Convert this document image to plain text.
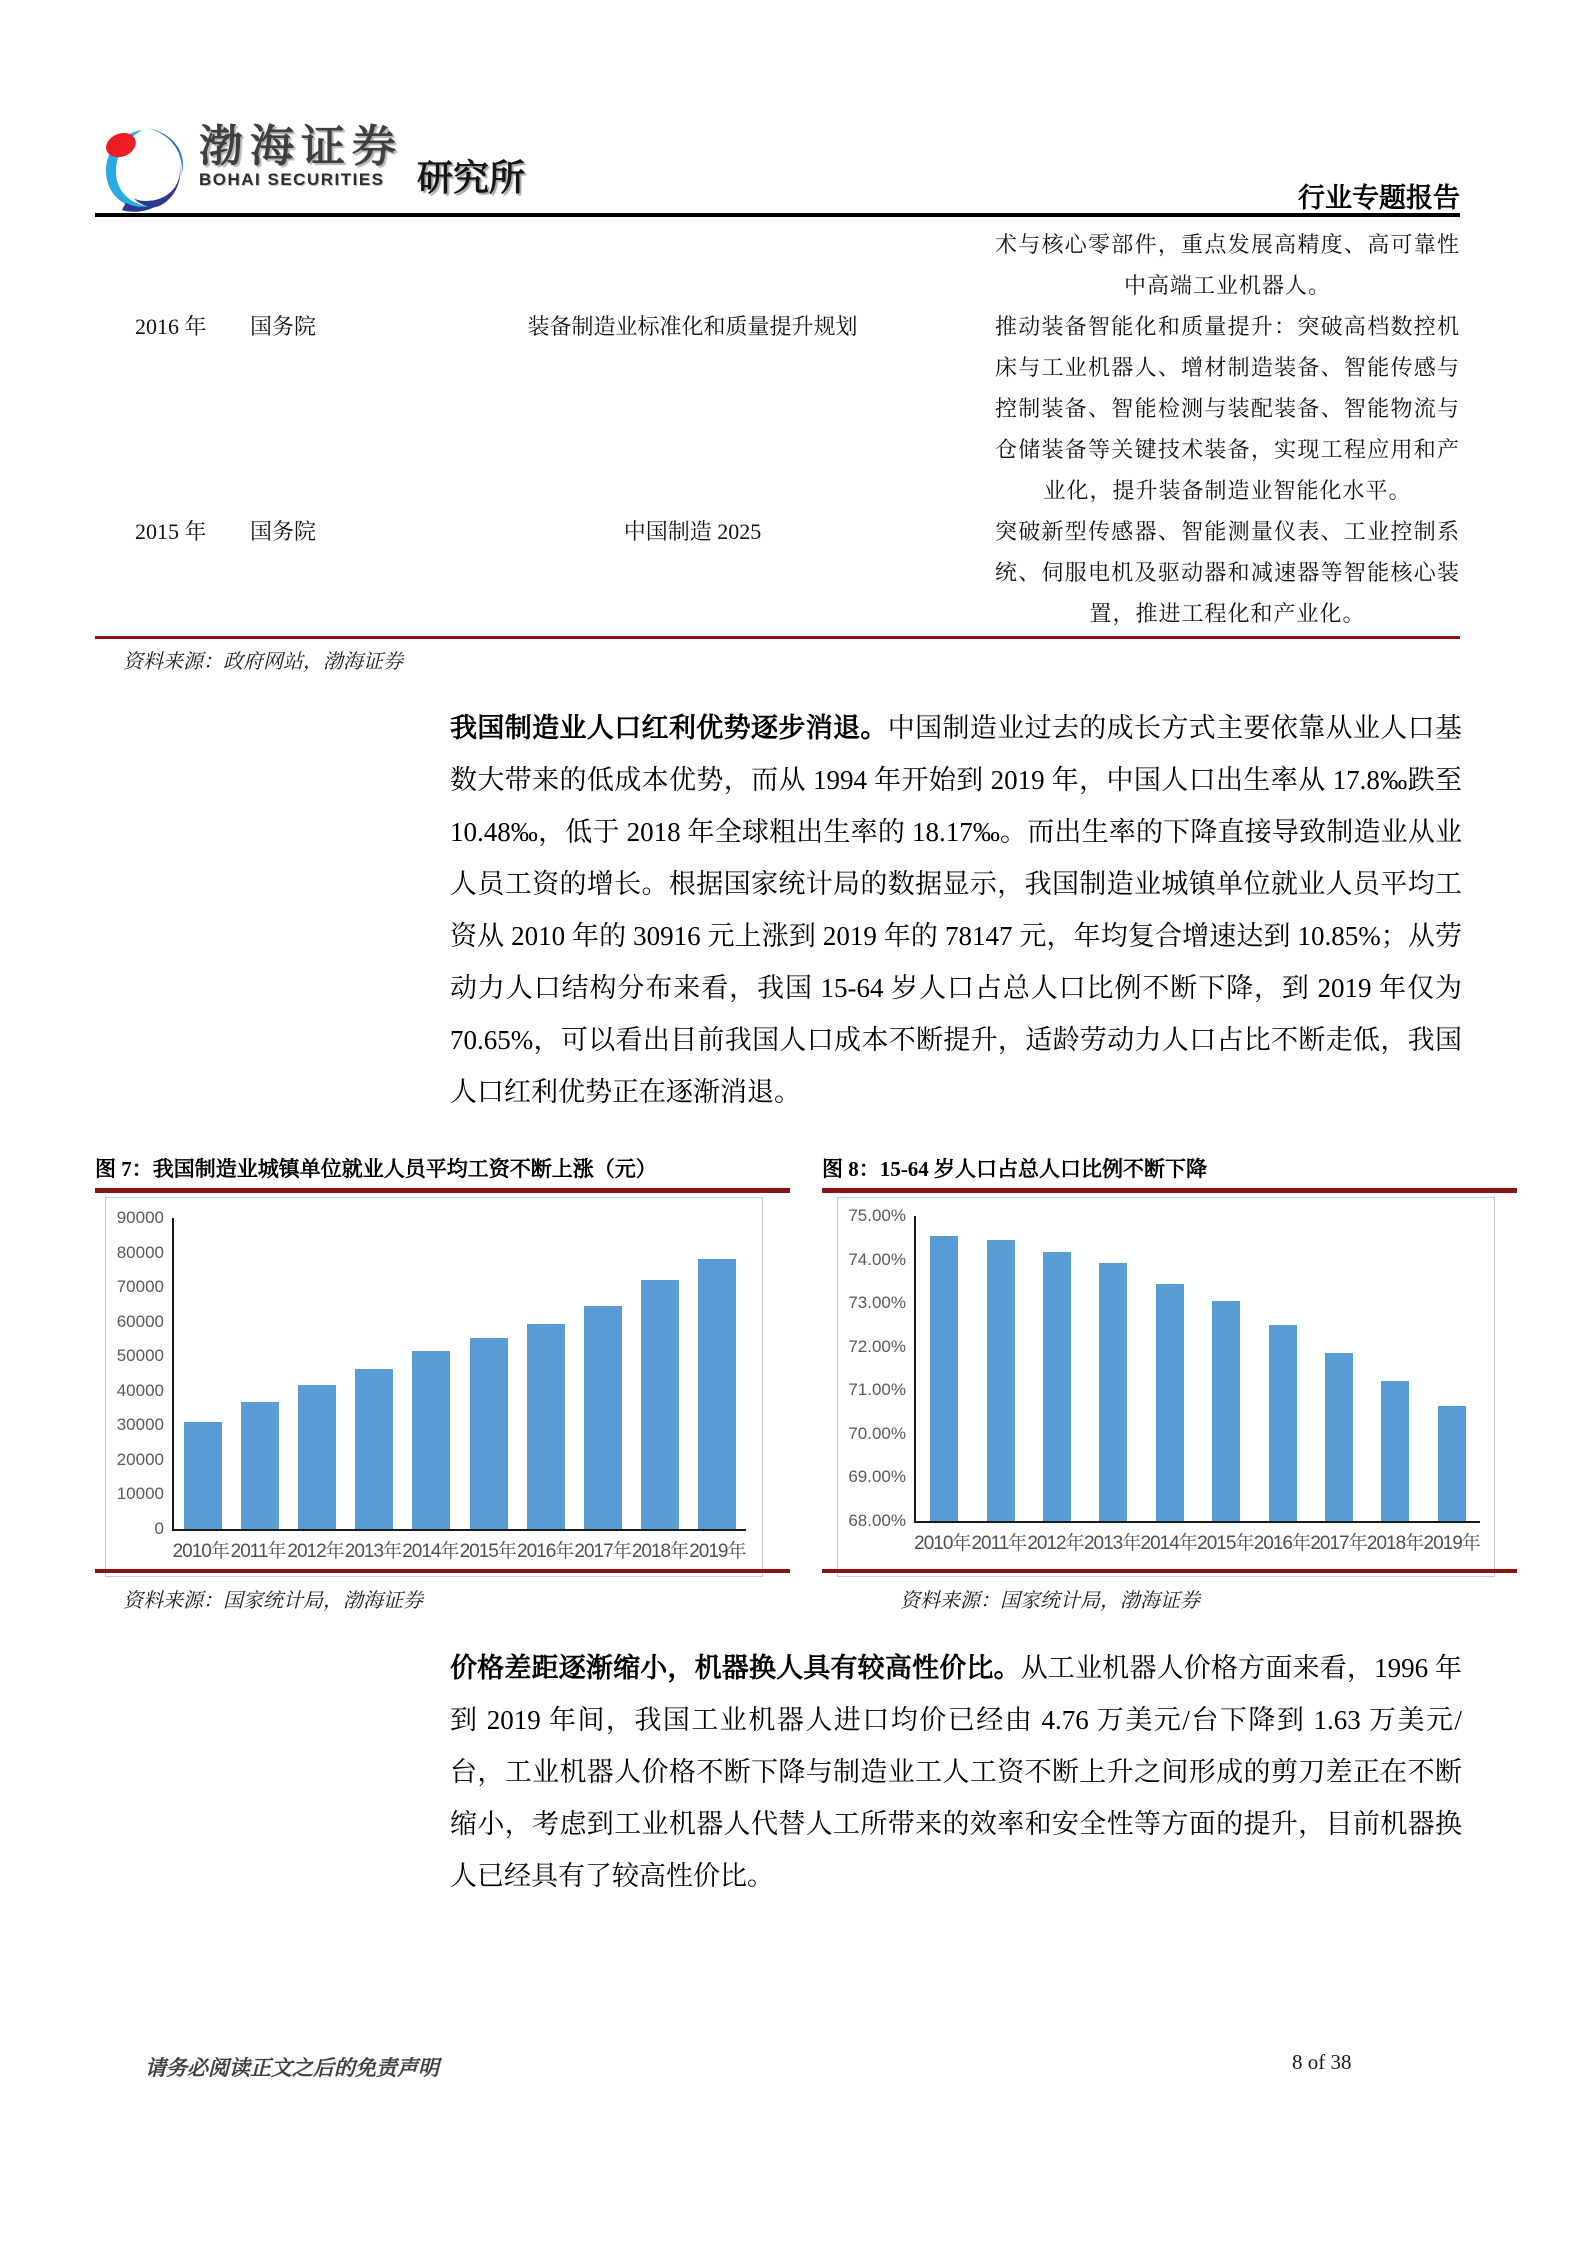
渤海证券
BOHAI SECURITIES 研究所	行业专题报告
术与核心零部件，重点发展高精度、高可靠性中高端工业机器人。
2016 年	国务院	装备制造业标准化和质量提升规划	推动装备智能化和质量提升：突破高档数控机床与工业机器人、增材制造装备、智能传感与控制装备、智能检测与装配装备、智能物流与仓储装备等关键技术装备，实现工程应用和产业化，提升装备制造业智能化水平。
2015 年	国务院	中国制造 2025	突破新型传感器、智能测量仪表、工业控制系统、伺服电机及驱动器和减速器等智能核心装置，推进工程化和产业化。
资料来源：政府网站，渤海证券
我国制造业人口红利优势逐步消退。中国制造业过去的成长方式主要依靠从业人口基数大带来的低成本优势，而从 1994 年开始到 2019 年，中国人口出生率从 17.8‰跌至 10.48‰，低于 2018 年全球粗出生率的 18.17‰。而出生率的下降直接导致制造业从业人员工资的增长。根据国家统计局的数据显示，我国制造业城镇单位就业人员平均工资从 2010 年的 30916 元上涨到 2019 年的 78147 元，年均复合增速达到 10.85%；从劳动力人口结构分布来看，我国 15-64 岁人口占总人口比例不断下降，到 2019 年仅为 70.65%，可以看出目前我国人口成本不断提升，适龄劳动力人口占比不断走低，我国人口红利优势正在逐渐消退。
图 7：我国制造业城镇单位就业人员平均工资不断上涨（元）
0
10000
20000
30000
40000
50000
60000
70000
80000
90000
2010年 2011年 2012年 2013年 2014年 2015年 2016年 2017年 2018年 2019年
资料来源：国家统计局，渤海证券
图 8：15-64 岁人口占总人口比例不断下降
68.00%
69.00%
70.00%
71.00%
72.00%
73.00%
74.00%
75.00%
2010年 2011年 2012年 2013年 2014年 2015年 2016年 2017年 2018年 2019年
资料来源：国家统计局，渤海证券
价格差距逐渐缩小，机器换人具有较高性价比。从工业机器人价格方面来看，1996 年到 2019 年间，我国工业机器人进口均价已经由 4.76 万美元/台下降到 1.63 万美元/台，工业机器人价格不断下降与制造业工人工资不断上升之间形成的剪刀差正在不断缩小，考虑到工业机器人代替人工所带来的效率和安全性等方面的提升，目前机器换人已经具有了较高性价比。
请务必阅读正文之后的免责声明	8 of 38
